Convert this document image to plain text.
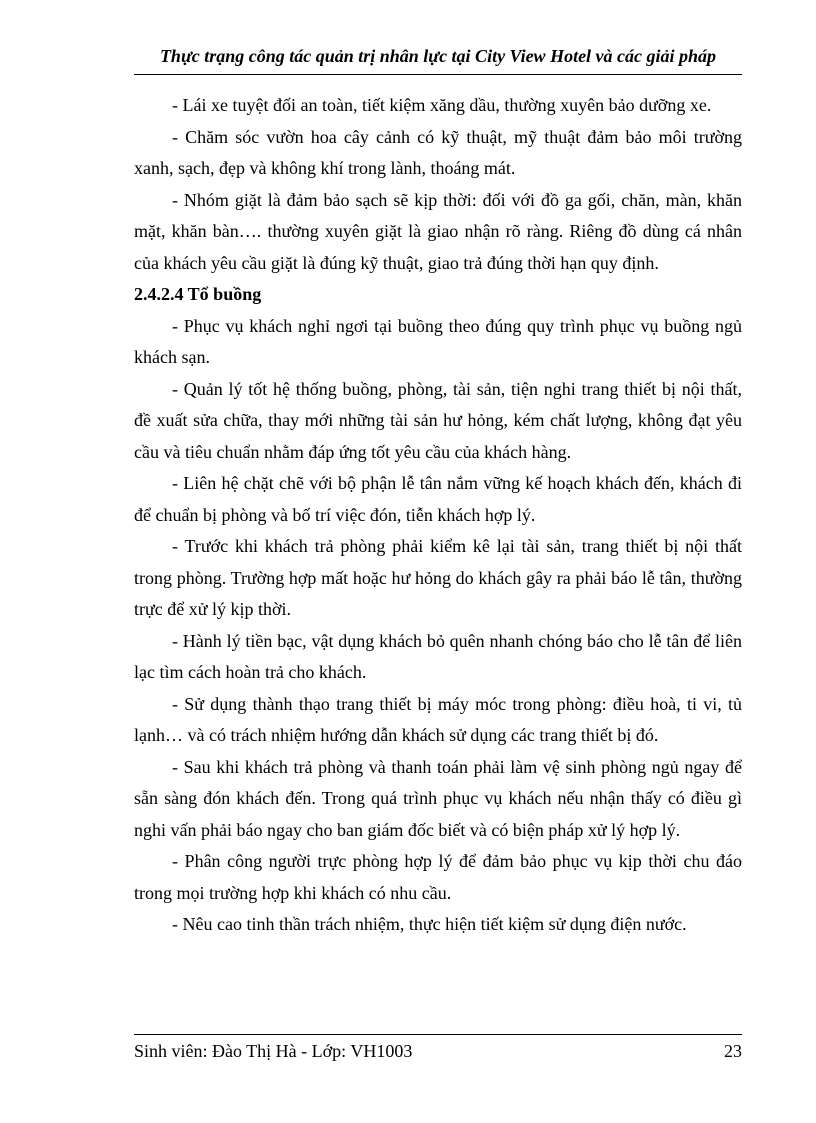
Thực trạng công tác quản trị nhân lực tại City View Hotel và các giải pháp

- Lái xe tuyệt đối an toàn, tiết kiệm xăng dầu, thường xuyên bảo dưỡng xe.

- Chăm sóc vườn hoa cây cảnh có kỹ thuật, mỹ thuật đảm bảo môi trường xanh, sạch, đẹp và không khí trong lành, thoáng mát.

- Nhóm giặt là đảm bảo sạch sẽ kịp thời: đối với đồ ga gối, chăn, màn, khăn mặt, khăn bàn…. thường xuyên giặt là giao nhận rõ ràng. Riêng đồ dùng cá nhân của khách yêu cầu giặt là đúng kỹ thuật, giao trả đúng thời hạn quy định.

2.4.2.4 Tổ buồng

- Phục vụ khách nghỉ ngơi tại buồng theo đúng quy trình phục vụ buồng ngủ khách sạn.

- Quản lý tốt hệ thống buồng, phòng, tài sản, tiện nghi trang thiết bị nội thất, đề xuất sửa chữa, thay mới những tài sản hư hỏng, kém chất lượng, không đạt yêu cầu và tiêu chuẩn nhằm đáp ứng tốt yêu cầu của khách hàng.

- Liên hệ chặt chẽ với bộ phận lễ tân nắm vững kế hoạch khách đến, khách đi để chuẩn bị phòng và bố trí việc đón, tiễn khách hợp lý.

- Trước khi khách trả phòng phải kiểm kê lại tài sản, trang thiết bị nội thất trong phòng. Trường hợp mất hoặc hư hỏng do khách gây ra phải báo lễ tân, thường trực để xử lý kịp thời.

- Hành lý tiền bạc, vật dụng khách bỏ quên nhanh chóng báo cho lễ tân để liên lạc tìm cách hoàn trả cho khách.

- Sử dụng thành thạo trang thiết bị máy móc trong phòng: điều hoà, ti vi, tủ lạnh… và có trách nhiệm hướng dẫn khách sử dụng các trang thiết bị đó.

- Sau khi khách trả phòng và thanh toán phải làm vệ sinh phòng ngủ ngay để sẵn sàng đón khách đến. Trong quá trình phục vụ khách nếu nhận thấy có điều gì nghi vấn phải báo ngay cho ban giám đốc biết và có biện pháp xử lý hợp lý.

- Phân công người trực phòng hợp lý để đảm bảo phục vụ kịp thời chu đáo trong mọi trường hợp khi khách có nhu cầu.

- Nêu cao tinh thần trách nhiệm, thực hiện tiết kiệm sử dụng điện nước.

Sinh viên: Đào Thị Hà - Lớp: VH1003	23
